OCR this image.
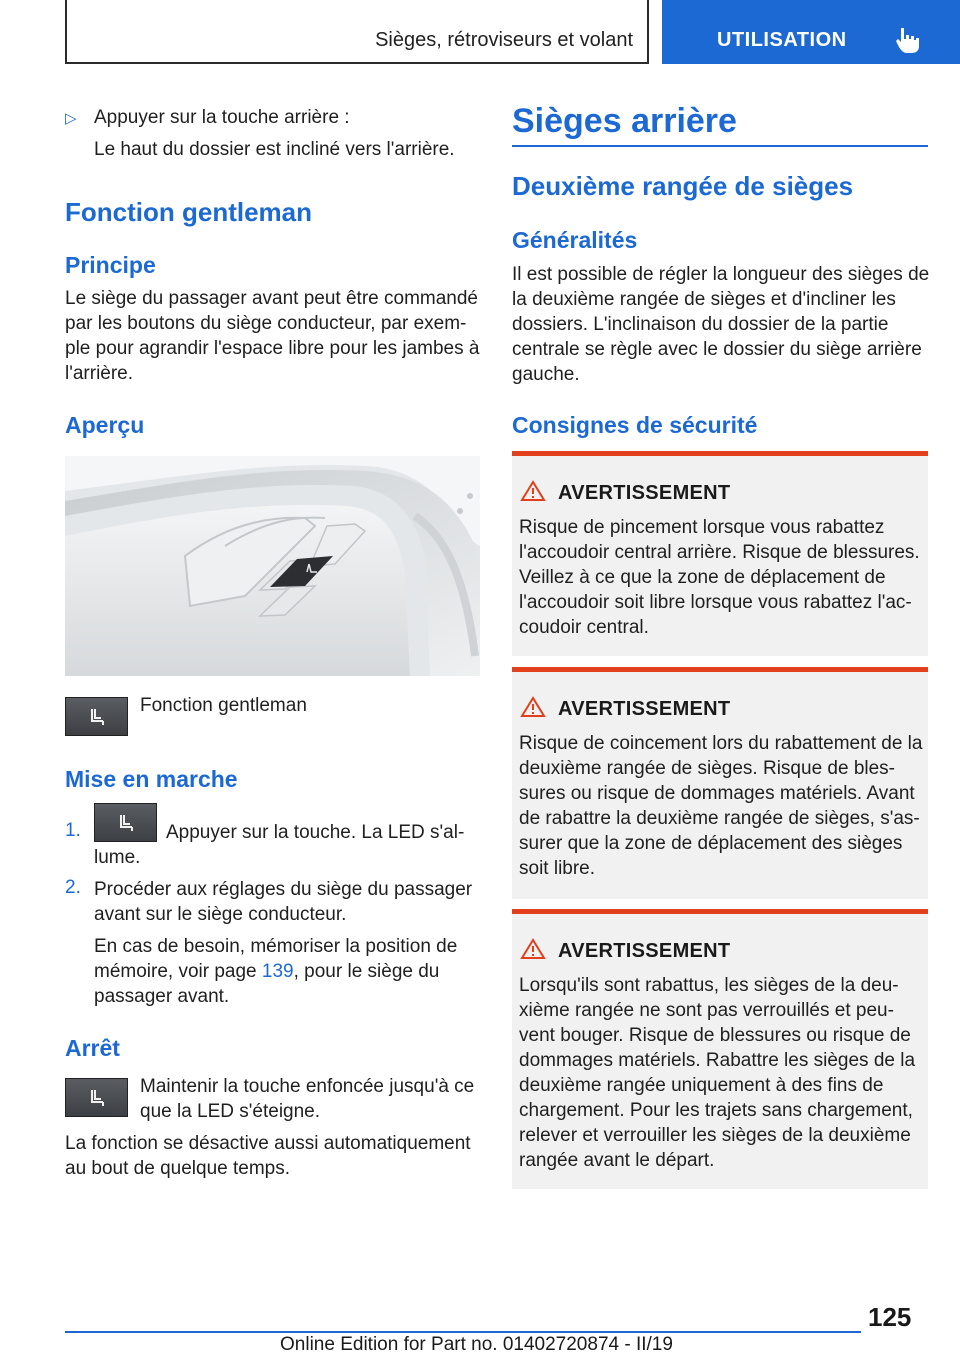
Sièges, rétroviseurs et volant	UTILISATION
▷ Appuyer sur la touche arrière :
Le haut du dossier est incliné vers l'arrière.
Fonction gentleman
Principe
Le siège du passager avant peut être commandé par les boutons du siège conducteur, par exem-ple pour agrandir l'espace libre pour les jambes à l'arrière.
Aperçu
Fonction gentleman
Mise en marche
1.	Appuyer sur la touche. La LED s'al-lume.
2. Procéder aux réglages du siège du passager avant sur le siège conducteur.
En cas de besoin, mémoriser la position de mémoire, voir page 139, pour le siège du passager avant.
Arrêt
Maintenir la touche enfoncée jusqu'à ce que la LED s'éteigne.
La fonction se désactive aussi automatiquement au bout de quelque temps.
Sièges arrière
Deuxième rangée de sièges
Généralités
Il est possible de régler la longueur des sièges de la deuxième rangée de sièges et d'incliner les dossiers. L'inclinaison du dossier de la partie centrale se règle avec le dossier du siège arrière gauche.
Consignes de sécurité
AVERTISSEMENT
Risque de pincement lorsque vous rabattez l'accoudoir central arrière. Risque de blessures. Veillez à ce que la zone de déplacement de l'accoudoir soit libre lorsque vous rabattez l'ac-coudoir central.
AVERTISSEMENT
Risque de coincement lors du rabattement de la deuxième rangée de sièges. Risque de bles-sures ou risque de dommages matériels. Avant de rabattre la deuxième rangée de sièges, s'as-surer que la zone de déplacement des sièges soit libre.
AVERTISSEMENT
Lorsqu'ils sont rabattus, les sièges de la deu-xième rangée ne sont pas verrouillés et peu-vent bouger. Risque de blessures ou risque de dommages matériels. Rabattre les sièges de la deuxième rangée uniquement à des fins de chargement. Pour les trajets sans chargement, relever et verrouiller les sièges de la deuxième rangée avant le départ.
125
Online Edition for Part no. 01402720874 - II/19
